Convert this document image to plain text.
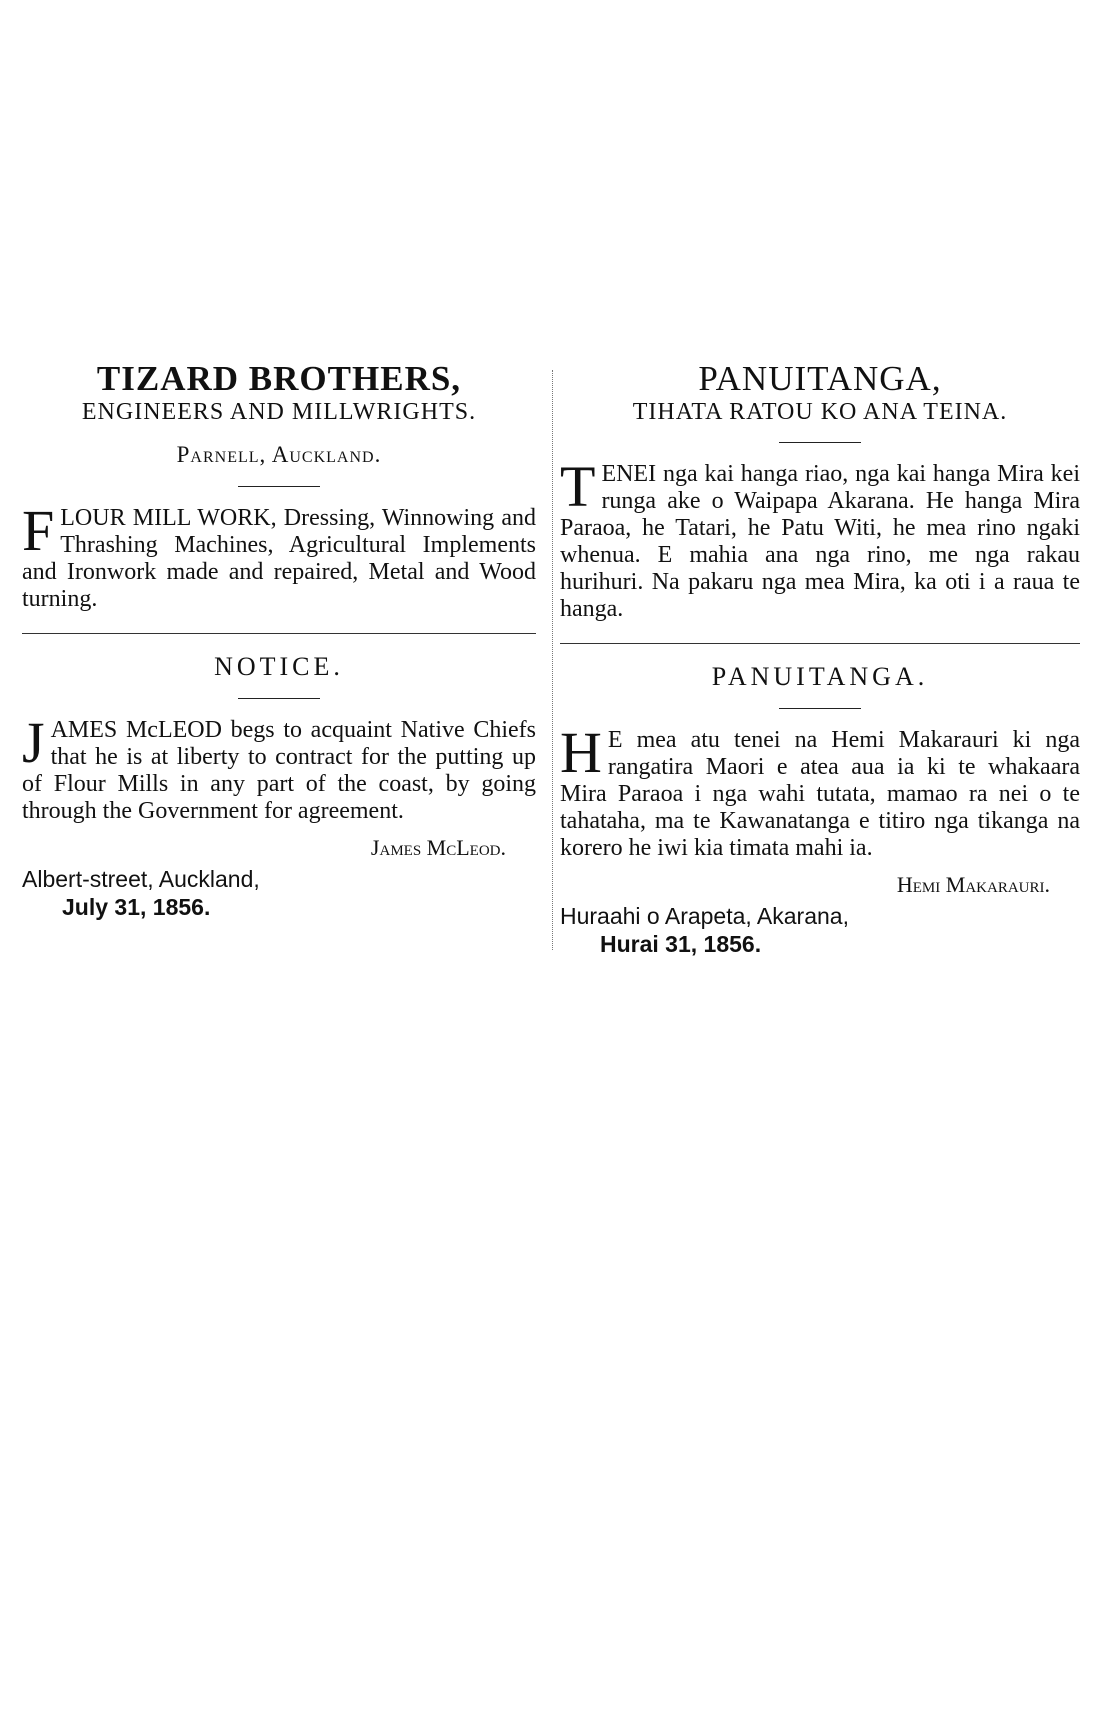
TIZARD BROTHERS,

ENGINEERS AND MILLWRIGHTS.

Parnell, Auckland.

FLOUR MILL WORK, Dressing, Winnowing and Thrashing Machines, Agricultural Implements and Ironwork made and repaired, Metal and Wood turning.

NOTICE.

JAMES McLEOD begs to acquaint Native Chiefs that he is at liberty to contract for the putting up of Flour Mills in any part of the coast, by going through the Government for agreement.

James McLeod.

Albert-street, Auckland,

July 31, 1856.

PANUITANGA,

TIHATA RATOU KO ANA TEINA.

TENEI nga kai hanga riao, nga kai hanga Mira kei runga ake o Waipapa Akarana. He hanga Mira Paraoa, he Tatari, he Patu Witi, he mea rino ngaki whenua. E mahia ana nga rino, me nga rakau hurihuri. Na pakaru nga mea Mira, ka oti i a raua te hanga.

PANUITANGA.

H E mea atu tenei na Hemi Makarauri ki nga rangatira Maori e atea aua ia ki te whakaara Mira Paraoa i nga wahi tutata, mamao ra nei o te tahataha, ma te Kawanatanga e titiro nga tikanga na korero he iwi kia timata mahi ia.

Hemi Makarauri.

Huraahi o Arapeta, Akarana,

Hurai 31, 1856.
